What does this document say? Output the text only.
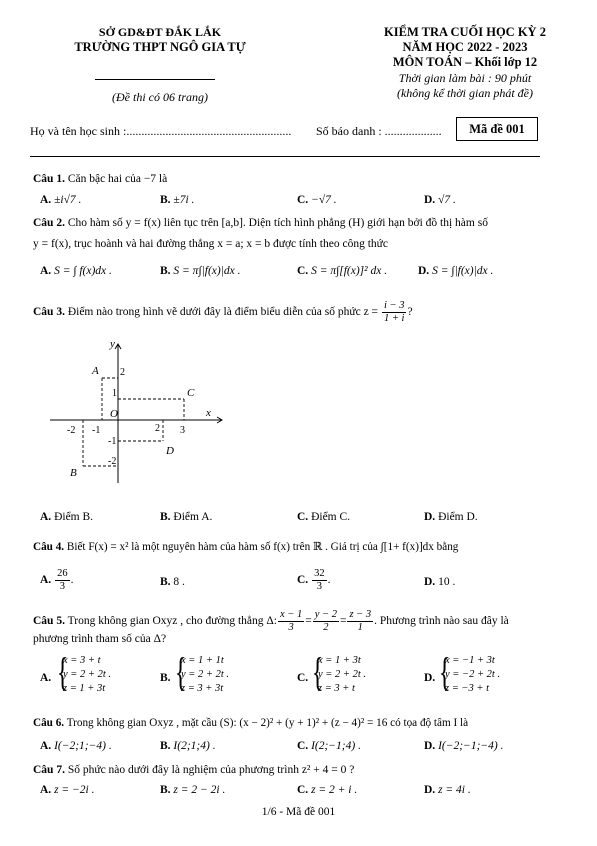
SỞ GD&ĐT ĐẮK LẮK
TRƯỜNG THPT NGÔ GIA TỰ
(Đề thi có 06 trang)
KIỂM TRA CUỐI HỌC KỲ 2
NĂM HỌC 2022 - 2023
MÔN TOÁN – Khối lớp 12
Thời gian làm bài : 90 phút
(không kể thời gian phát đề)
Họ và tên học sinh :....................................................... Số báo danh : ...................	Mã đề 001
Câu 1. Căn bậc hai của −7 là
A. ±i√7 .	B. ±7i .	C. −√7 .	D. √7 .
Câu 2. Cho hàm số y = f(x) liên tục trên [a,b]. Diện tích hình phẳng (H) giới hạn bởi đồ thị hàm số
y = f(x), trục hoành và hai đường thẳng x = a; x = b được tính theo công thức
A. S = ∫ f(x)dx .	B. S = π∫|f(x)|dx .	C. S = π∫[f(x)]² dx .	D. S = ∫|f(x)|dx .
Câu 3. Điểm nào trong hình vẽ dưới đây là điểm biểu diễn của số phức $z = \frac{i - 3}{1 + i}$ ?
y
x
O
A
C
B
D
2
1
-1
-2
-2 -1	2 3
A. Điểm B.	B. Điểm A.	C. Điểm C.	D. Điểm D.
Câu 4. Biết F(x) = x² là một nguyên hàm của hàm số f(x) trên ℝ . Giá trị của ∫[1+ f(x)]dx bằng
A. $\frac{26}{3}$ .	B. 8 .	C. $\frac{32}{3}$ .	D. 10 .
Câu 5. Trong không gian Oxyz , cho đường thẳng Δ: $\frac{x - 1}{3} = \frac{y - 2}{2} = \frac{z - 3}{1}$ . Phương trình nào sau đây là
phương trình tham số của Δ?
A. {
x = 3 + t
y = 2 + 2t .
z = 1 + 3t
B. {
x = 1 + 1t
y = 2 + 2t .
z = 3 + 3t
C. {
x = 1 + 3t
y = 2 + 2t .
z = 3 + t
D. {
x = −1 + 3t
y = −2 + 2t .
z = −3 + t
Câu 6. Trong không gian Oxyz , mặt cầu (S): (x − 2)² + (y + 1)² + (z − 4)² = 16 có tọa độ tâm I là
A. I(−2;1;−4) .	B. I(2;1;4) .	C. I(2;−1;4) .	D. I(−2;−1;−4) .
Câu 7. Số phức nào dưới đây là nghiệm của phương trình z² + 4 = 0 ?
A. z = −2i .	B. z = 2 − 2i .	C. z = 2 + i .	D. z = 4i .
1/6 - Mã đề 001
